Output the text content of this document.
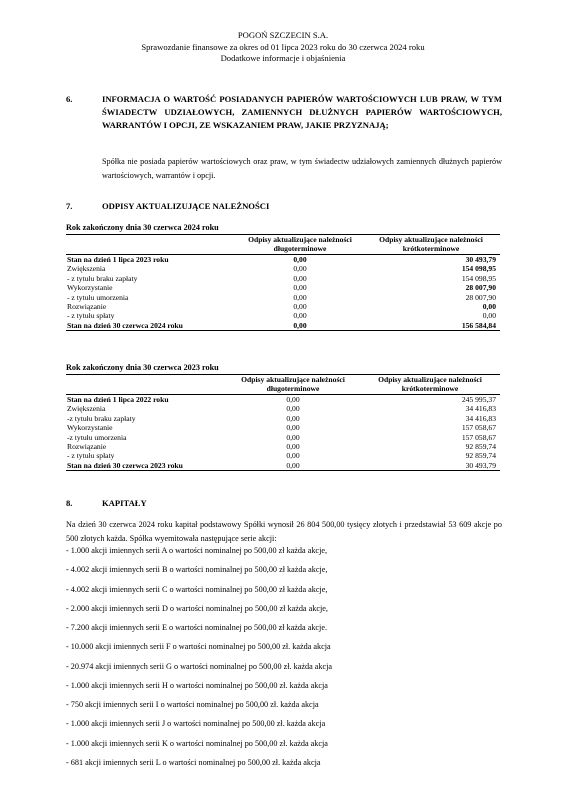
POGOŃ SZCZECIN S.A.
Sprawozdanie finansowe za okres od 01 lipca 2023 roku do 30 czerwca 2024 roku
Dodatkowe informacje i objaśnienia
6.	INFORMACJA O WARTOŚĆ POSIADANYCH PAPIERÓW WARTOŚCIOWYCH LUB PRAW, W TYM ŚWIADECTW UDZIAŁOWYCH, ZAMIENNYCH DŁUŻNYCH PAPIERÓW WARTOŚCIOWYCH, WARRANTÓW I OPCJI, ZE WSKAZANIEM PRAW, JAKIE PRZYZNAJĄ;
Spółka nie posiada papierów wartościowych oraz praw, w tym świadectw udziałowych zamiennych dłużnych papierów wartościowych, warrantów i opcji.
7.	ODPISY AKTUALIZUJĄCE NALEŻNOŚCI
Rok zakończony dnia 30 czerwca 2024 roku
	Odpisy aktualizujące należności długoterminowe	Odpisy aktualizujące należności krótkoterminowe
Stan na dzień 1 lipca 2023 roku	0,00	30 493,79
Zwiększenia	0,00	154 098,95
- z tytułu braku zapłaty	0,00	154 098,95
Wykorzystanie	0,00	28 007,90
- z tytułu umorzenia	0,00	28 007,90
Rozwiązanie	0,00	0,00
- z tytułu spłaty	0,00	0,00
Stan na dzień 30 czerwca 2024 roku	0,00	156 584,84
Rok zakończony dnia 30 czerwca 2023 roku
	Odpisy aktualizujące należności długoterminowe	Odpisy aktualizujące należności krótkoterminowe
Stan na dzień 1 lipca 2022 roku	0,00	245 995,37
Zwiększenia	0,00	34 416,83
-z tytułu braku zapłaty	0,00	34 416,83
Wykorzystanie	0,00	157 058,67
-z tytułu umorzenia	0,00	157 058,67
Rozwiązanie	0,00	92 859,74
- z tytułu spłaty	0,00	92 859,74
Stan na dzień 30 czerwca 2023 roku	0,00	30 493,79
8.	KAPITAŁY
Na dzień 30 czerwca 2024 roku kapitał podstawowy Spółki wynosił 26 804 500,00 tysięcy złotych i przedstawiał 53 609 akcje po 500 złotych każda. Spółka wyemitowała następujące serie akcji:
- 1.000 akcji imiennych serii A o wartości nominalnej po 500,00 zł każda akcje,
- 4.002 akcji imiennych serii B o wartości nominalnej po 500,00 zł każda akcje,
- 4.002 akcji imiennych serii C o wartości nominalnej po 500,00 zł każda akcje,
- 2.000 akcji imiennych serii D o wartości nominalnej po 500,00 zł każda akcje,
- 7.200 akcji imiennych serii E o wartości nominalnej po 500,00 zł każda akcje.
- 10.000 akcji imiennych serii F o wartości nominalnej po 500,00 zł. każda akcja
- 20.974 akcji imiennych serii G o wartości nominalnej po 500,00 zł. każda akcja
- 1.000 akcji imiennych serii H o wartości nominalnej po 500,00 zł. każda akcja
- 750 akcji imiennych serii I o wartości nominalnej po 500,00 zł. każda akcja
- 1.000 akcji imiennych serii J o wartości nominalnej po 500,00 zł. każda akcja
- 1.000 akcji imiennych serii K o wartości nominalnej po 500,00 zł. każda akcja
- 681 akcji imiennych serii L o wartości nominalnej po 500,00 zł. każda akcja
